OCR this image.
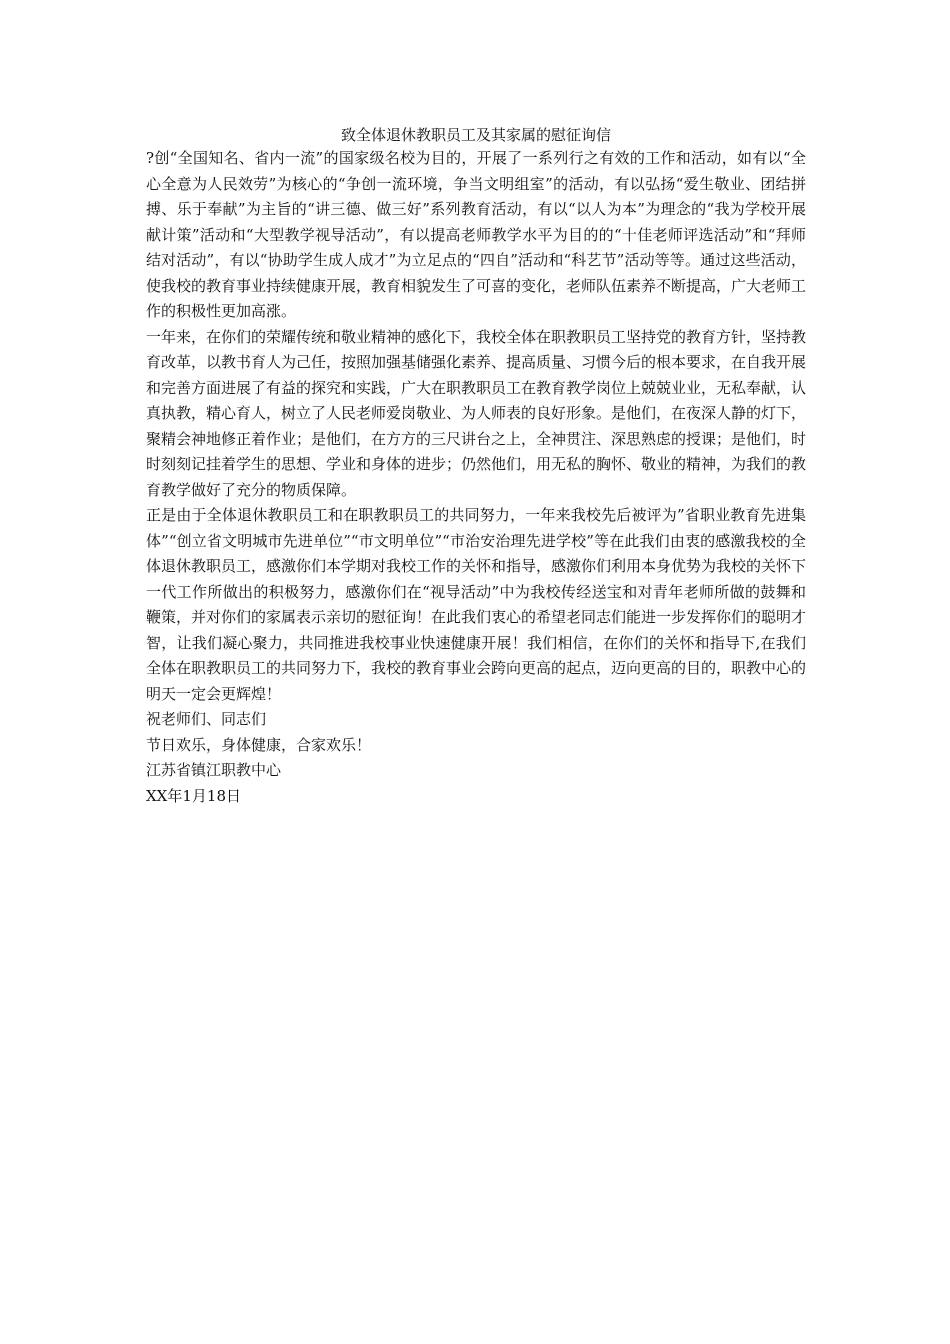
致全体退休教职员工及其家属的慰征询信

?创“全国知名、省内一流”的国家级名校为目的，开展了一系列行之有效的工作和活动，如有以“全心全意为人民效劳”为核心的“争创一流环境，争当文明组室”的活动，有以弘扬“爱生敬业、团结拼搏、乐于奉献”为主旨的“讲三德、做三好”系列教育活动，有以“以人为本”为理念的“我为学校开展献计策”活动和“大型教学视导活动”，有以提高老师教学水平为目的的“十佳老师评选活动”和“拜师结对活动”，有以“协助学生成人成才”为立足点的“四自”活动和“科艺节”活动等等。通过这些活动，使我校的教育事业持续健康开展，教育相貌发生了可喜的变化，老师队伍素养不断提高，广大老师工作的积极性更加高涨。

一年来，在你们的荣耀传统和敬业精神的感化下，我校全体在职教职员工坚持党的教育方针，坚持教育改革，以教书育人为己任，按照加强基储强化素养、提高质量、习惯今后的根本要求，在自我开展和完善方面进展了有益的探究和实践，广大在职教职员工在教育教学岗位上兢兢业业，无私奉献，认真执教，精心育人，树立了人民老师爱岗敬业、为人师表的良好形象。是他们，在夜深人静的灯下，聚精会神地修正着作业；是他们，在方方的三尺讲台之上，全神贯注、深思熟虑的授课；是他们，时时刻刻记挂着学生的思想、学业和身体的进步；仍然他们，用无私的胸怀、敬业的精神，为我们的教育教学做好了充分的物质保障。

正是由于全体退休教职员工和在职教职员工的共同努力，一年来我校先后被评为”省职业教育先进集体”“创立省文明城市先进单位”“市文明单位”“市治安治理先进学校”等在此我们由衷的感激我校的全体退休教职员工，感激你们本学期对我校工作的关怀和指导，感激你们利用本身优势为我校的关怀下一代工作所做出的积极努力，感激你们在“视导活动”中为我校传经送宝和对青年老师所做的鼓舞和鞭策，并对你们的家属表示亲切的慰征询！在此我们衷心的希望老同志们能进一步发挥你们的聪明才智，让我们凝心聚力，共同推进我校事业快速健康开展！我们相信，在你们的关怀和指导下,在我们全体在职教职员工的共同努力下，我校的教育事业会跨向更高的起点，迈向更高的目的，职教中心的明天一定会更辉煌！

祝老师们、同志们

节日欢乐，身体健康，合家欢乐！

江苏省镇江职教中心

XX年1月18日
